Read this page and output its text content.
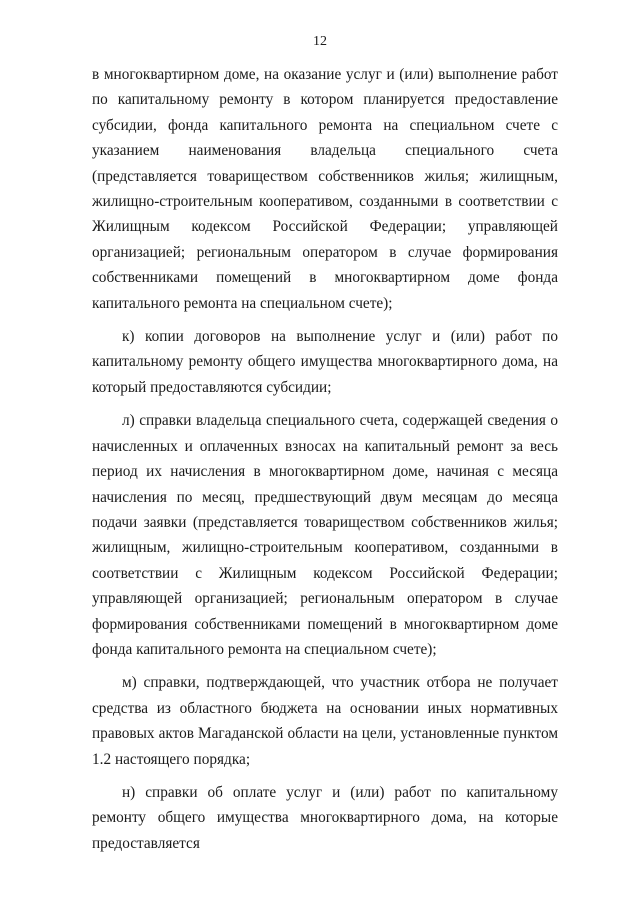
12

в многоквартирном доме, на оказание услуг и (или) выполнение работ по капитальному ремонту в котором планируется предоставление субсидии, фонда капитального ремонта на специальном счете с указанием наименования владельца специального счета (представляется товариществом собственников жилья; жилищным, жилищно-строительным кооперативом, созданными в соответствии с Жилищным кодексом Российской Федерации; управляющей организацией; региональным оператором в случае формирования собственниками помещений в многоквартирном доме фонда капитального ремонта на специальном счете);

к) копии договоров на выполнение услуг и (или) работ по капитальному ремонту общего имущества многоквартирного дома, на который предоставляются субсидии;

л) справки владельца специального счета, содержащей сведения о начисленных и оплаченных взносах на капитальный ремонт за весь период их начисления в многоквартирном доме, начиная с месяца начисления по месяц, предшествующий двум месяцам до месяца подачи заявки (представляется товариществом собственников жилья; жилищным, жилищно-строительным кооперативом, созданными в соответствии с Жилищным кодексом Российской Федерации; управляющей организацией; региональным оператором в случае формирования собственниками помещений в многоквартирном доме фонда капитального ремонта на специальном счете);

м) справки, подтверждающей, что участник отбора не получает средства из областного бюджета на основании иных нормативных правовых актов Магаданской области на цели, установленные пунктом 1.2 настоящего порядка;

н) справки об оплате услуг и (или) работ по капитальному ремонту общего имущества многоквартирного дома, на которые предоставляется
